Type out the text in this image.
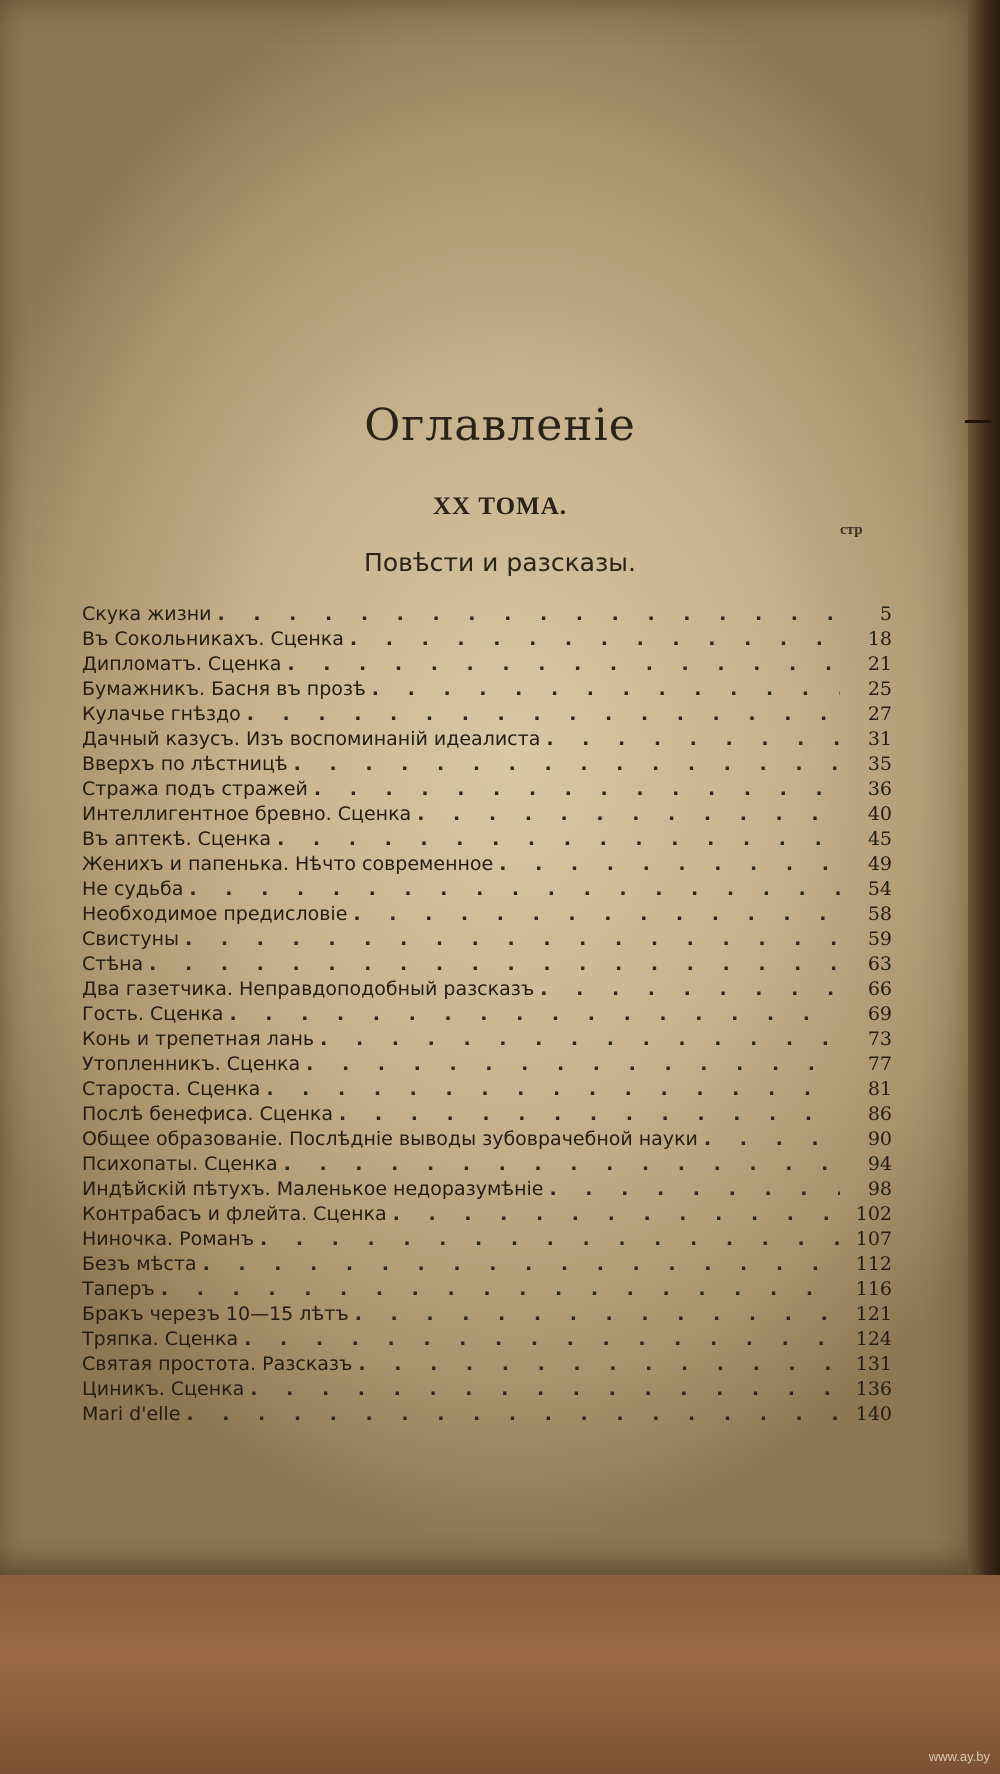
Оглавленіе
XX ТОМА.
стр
Повѣсти и разсказы.
Скука жизни . . .	5
Въ Сокольникахъ. Сценка . . .	18
Дипломатъ. Сценка . . .	21
Бумажникъ. Басня въ прозѣ . . .	25
Кулачье гнѣздо . . .	27
Дачный казусъ. Изъ воспоминаній идеалиста . . .	31
Вверхъ по лѣстницѣ . . .	35
Стража подъ стражей . . .	36
Интеллигентное бревно. Сценка . . .	40
Въ аптекѣ. Сценка . . .	45
Женихъ и папенька. Нѣчто современное . . .	49
Не судьба . . .	54
Необходимое предисловіе . . .	58
Свистуны . . .	59
Стѣна . . .	63
Два газетчика. Неправдоподобный разсказъ . . .	66
Гость. Сценка . . .	69
Конь и трепетная лань . . .	73
Утопленникъ. Сценка . . .	77
Староста. Сценка . . .	81
Послѣ бенефиса. Сценка . . .	86
Общее образованіе. Послѣдніе выводы зубоврачебной науки . . .	90
Психопаты. Сценка . . .	94
Индѣйскій пѣтухъ. Маленькое недоразумѣніе . . .	98
Контрабасъ и флейта. Сценка . . .	102
Ниночка. Романъ . . .	107
Безъ мѣста . . .	112
Таперъ . . .	116
Бракъ черезъ 10—15 лѣтъ . . .	121
Тряпка. Сценка . . .	124
Святая простота. Разсказъ . . .	131
Циникъ. Сценка . . .	136
Mari d'elle . . .	140
www.ay.by
